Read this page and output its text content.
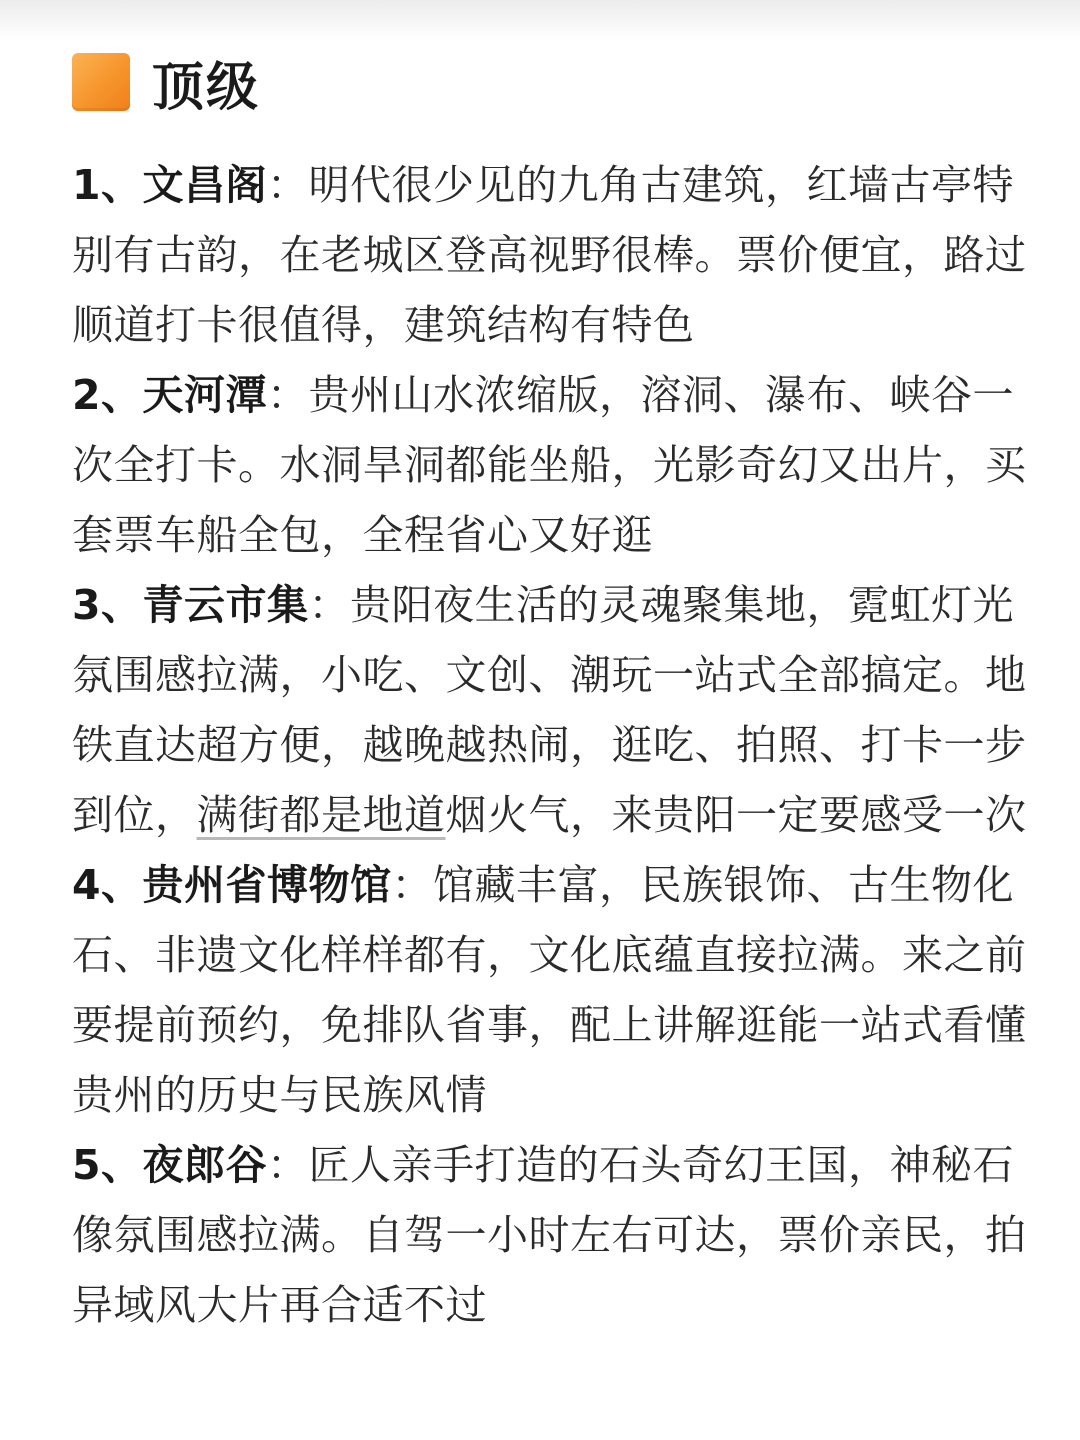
顶级
1、文昌阁：明代很少见的九角古建筑，红墙古亭特别有古韵，在老城区登高视野很棒。票价便宜，路过顺道打卡很值得，建筑结构有特色
2、天河潭：贵州山水浓缩版，溶洞、瀑布、峡谷一次全打卡。水洞旱洞都能坐船，光影奇幻又出片，买套票车船全包，全程省心又好逛
3、青云市集：贵阳夜生活的灵魂聚集地，霓虹灯光氛围感拉满，小吃、文创、潮玩一站式全部搞定。地铁直达超方便，越晚越热闹，逛吃、拍照、打卡一步到位，满街都是地道烟火气，来贵阳一定要感受一次
4、贵州省博物馆：馆藏丰富，民族银饰、古生物化石、非遗文化样样都有，文化底蕴直接拉满。来之前要提前预约，免排队省事，配上讲解逛能一站式看懂贵州的历史与民族风情
5、夜郎谷：匠人亲手打造的石头奇幻王国，神秘石像氛围感拉满。自驾一小时左右可达，票价亲民，拍异域风大片再合适不过
